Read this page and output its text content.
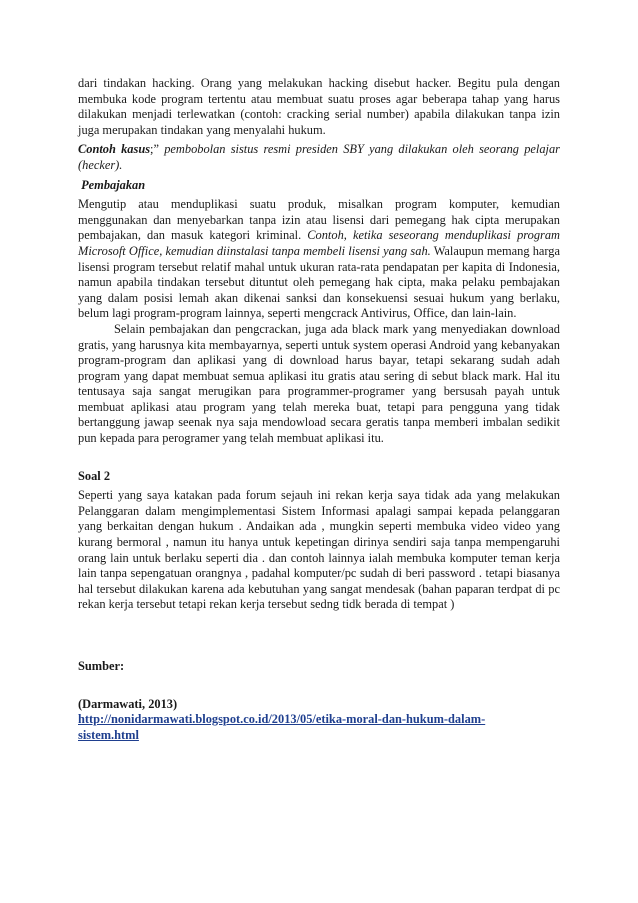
dari tindakan hacking. Orang yang melakukan hacking disebut hacker. Begitu pula dengan membuka kode program tertentu atau membuat suatu proses agar beberapa tahap yang harus dilakukan menjadi terlewatkan (contoh: cracking serial number) apabila dilakukan tanpa izin juga merupakan tindakan yang menyalahi hukum.

Contoh kasus;” pembobolan sistus resmi presiden SBY yang dilakukan oleh seorang pelajar (hecker).

Pembajakan

Mengutip atau menduplikasi suatu produk, misalkan program komputer, kemudian menggunakan dan menyebarkan tanpa izin atau lisensi dari pemegang hak cipta merupakan pembajakan, dan masuk kategori kriminal. Contoh, ketika seseorang menduplikasi program Microsoft Office, kemudian diinstalasi tanpa membeli lisensi yang sah. Walaupun memang harga lisensi program tersebut relatif mahal untuk ukuran rata-rata pendapatan per kapita di Indonesia, namun apabila tindakan tersebut dituntut oleh pemegang hak cipta, maka pelaku pembajakan yang dalam posisi lemah akan dikenai sanksi dan konsekuensi sesuai hukum yang berlaku, belum lagi program-program lainnya, seperti mengcrack Antivirus, Office, dan lain-lain.

Selain pembajakan dan pengcrackan, juga ada black mark yang menyediakan download gratis, yang harusnya kita membayarnya, seperti untuk system operasi Android yang kebanyakan program-program dan aplikasi yang di download harus bayar, tetapi sekarang sudah adah program yang dapat membuat semua aplikasi itu gratis atau sering di sebut black mark. Hal itu tentusaya saja sangat merugikan para programmer-programer yang bersusah payah untuk membuat aplikasi atau program yang telah mereka buat, tetapi para pengguna yang tidak bertanggung jawap seenak nya saja mendowload secara geratis tanpa memberi imbalan sedikit pun kepada para perogramer yang telah membuat aplikasi itu.

Soal 2

Seperti yang saya katakan pada forum sejauh ini rekan kerja saya tidak ada yang melakukan Pelanggaran dalam mengimplementasi Sistem Informasi apalagi sampai kepada pelanggaran yang berkaitan dengan hukum . Andaikan ada , mungkin seperti membuka video video yang kurang bermoral , namun itu hanya untuk kepetingan dirinya sendiri saja tanpa mempengaruhi orang lain untuk berlaku seperti dia . dan contoh lainnya ialah membuka komputer teman kerja lain tanpa sepengatuan orangnya , padahal komputer/pc sudah di beri password . tetapi biasanya hal tersebut dilakukan karena ada kebutuhan yang sangat mendesak (bahan paparan terdpat di pc rekan kerja tersebut tetapi rekan kerja tersebut sedng tidk berada di tempat )

Sumber:

(Darmawati, 2013)

http://nonidarmawati.blogspot.co.id/2013/05/etika-moral-dan-hukum-dalam-
sistem.html
